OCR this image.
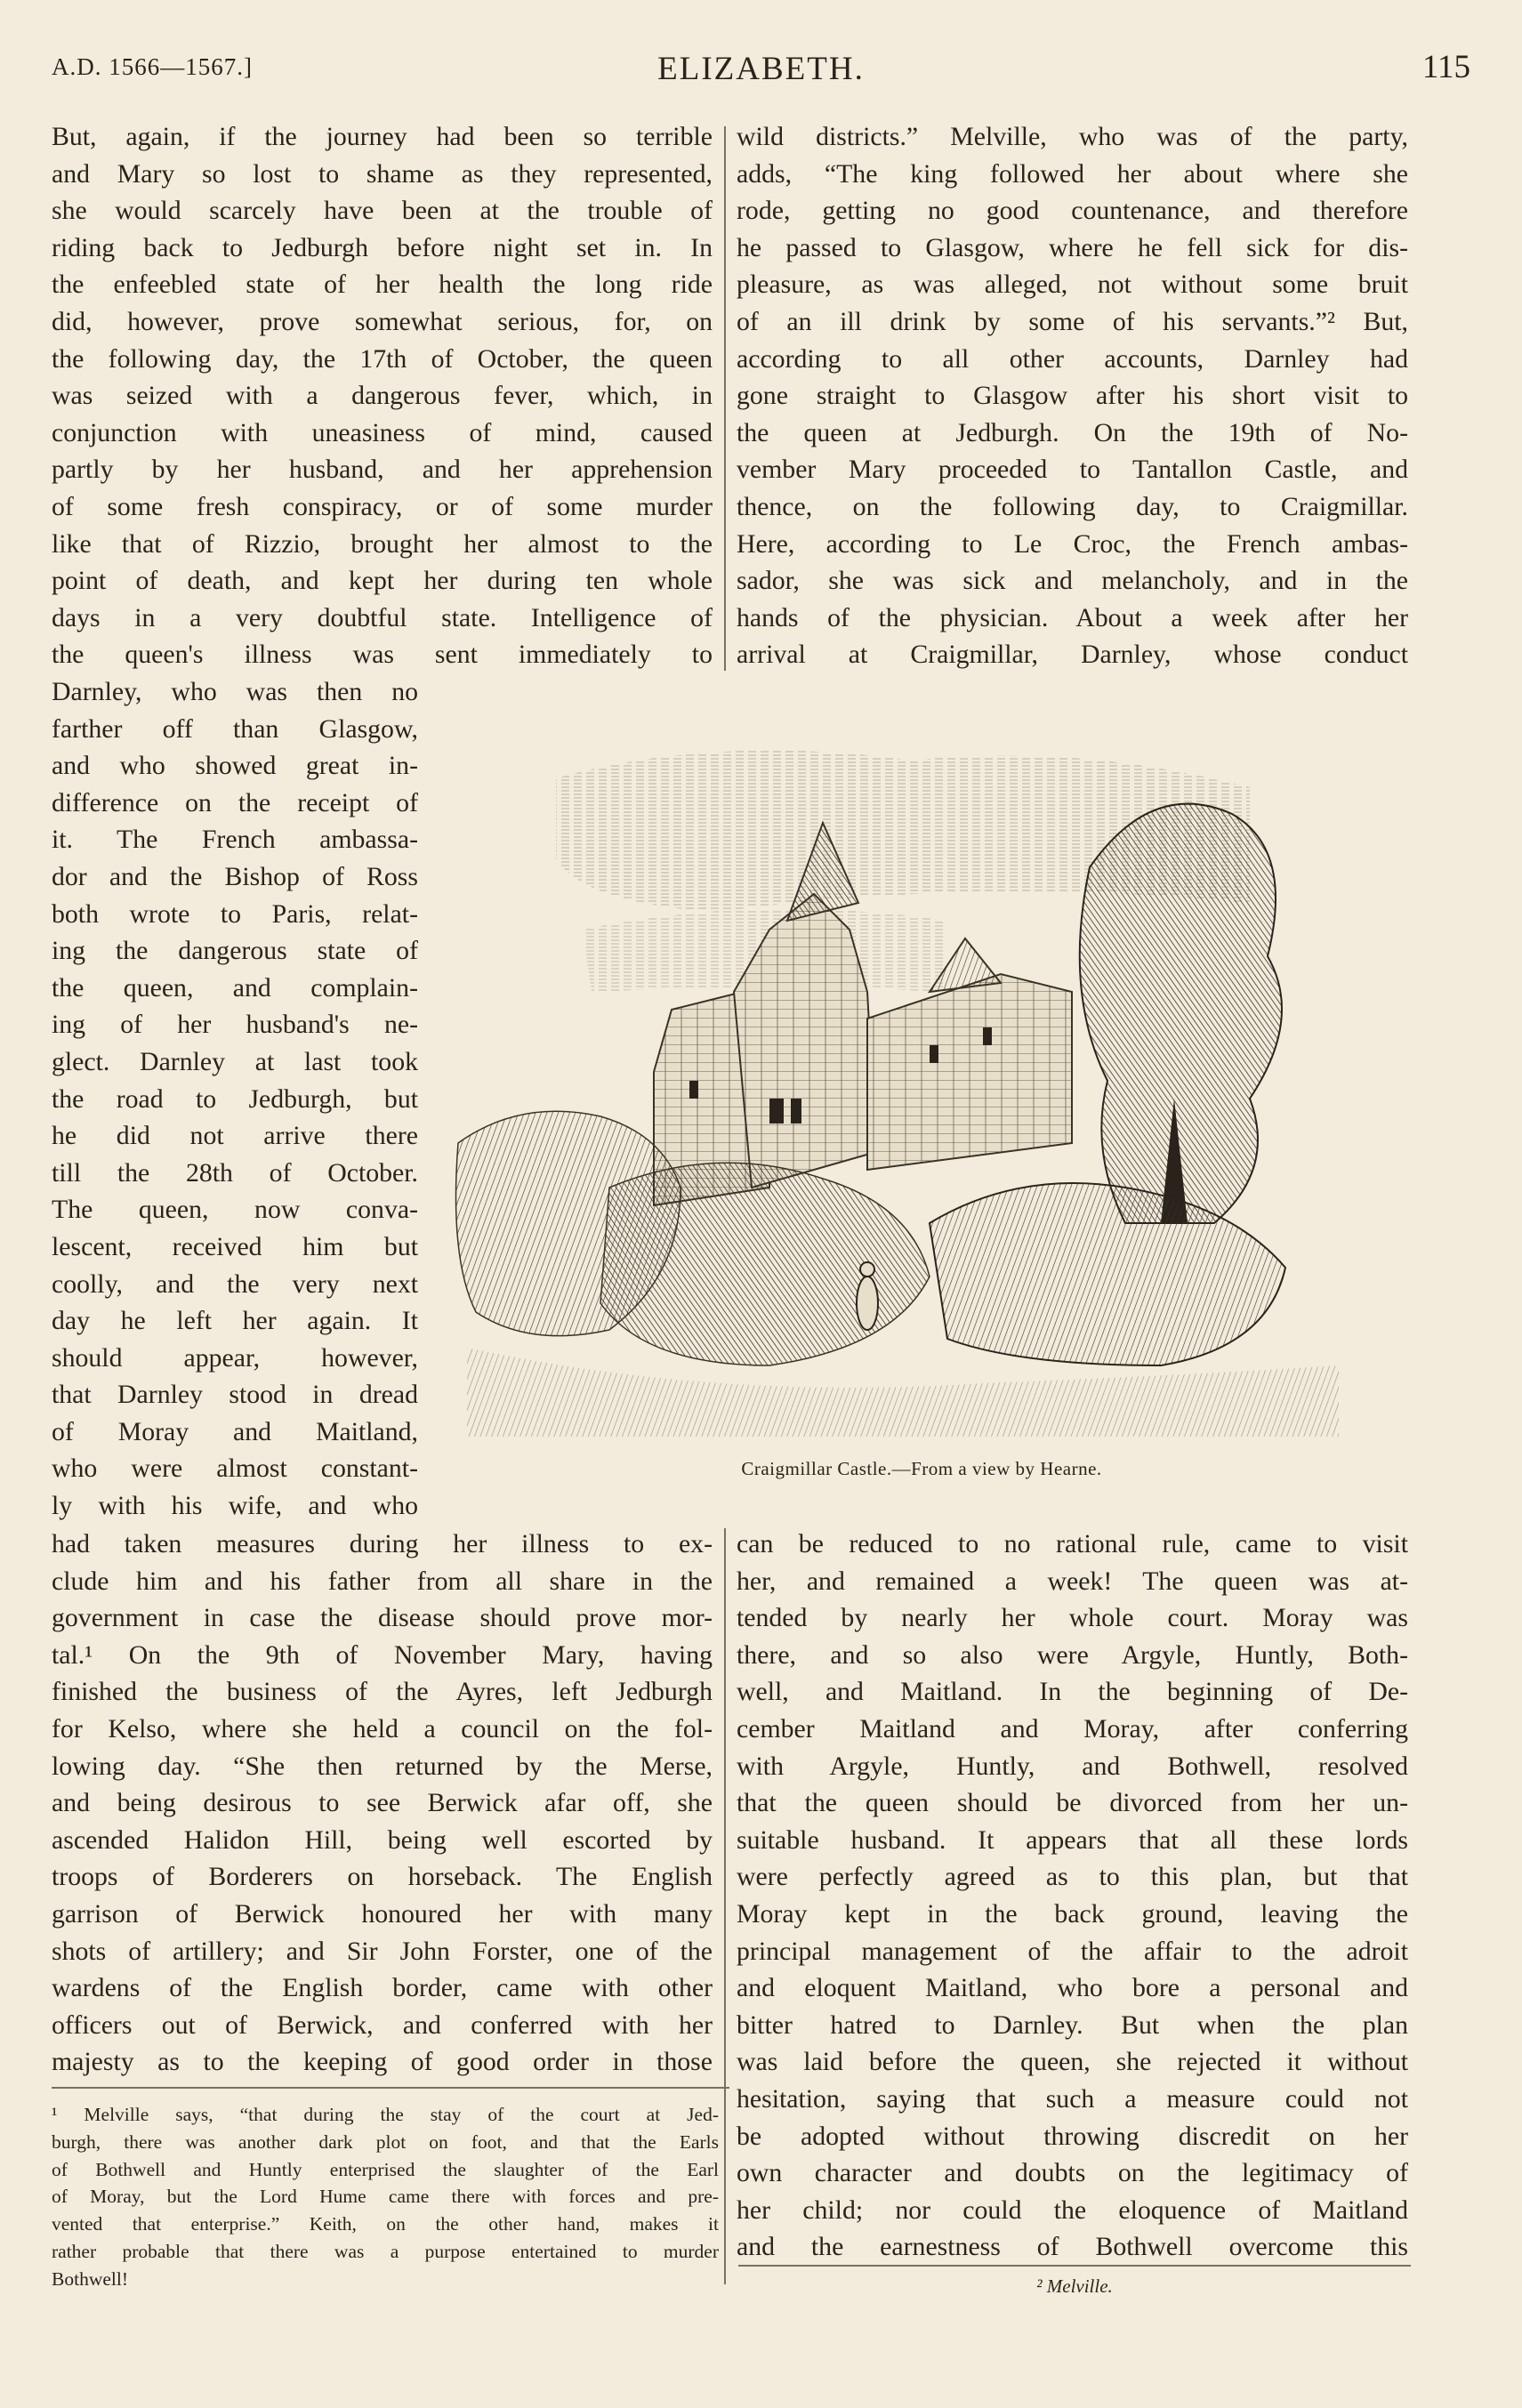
A.D. 1566—1567.]	ELIZABETH.	115
But, again, if the journey had been so terrible
and Mary so lost to shame as they represented,
she would scarcely have been at the trouble of
riding back to Jedburgh before night set in. In
the enfeebled state of her health the long ride
did, however, prove somewhat serious, for, on
the following day, the 17th of October, the queen
was seized with a dangerous fever, which, in
conjunction with uneasiness of mind, caused
partly by her husband, and her apprehension
of some fresh conspiracy, or of some murder
like that of Rizzio, brought her almost to the
point of death, and kept her during ten whole
days in a very doubtful state. Intelligence of
the queen's illness was sent immediately to
Darnley, who was then no
farther off than Glasgow,
and who showed great in-
difference on the receipt of
it. The French ambassa-
dor and the Bishop of Ross
both wrote to Paris, relat-
ing the dangerous state of
the queen, and complain-
ing of her husband's ne-
glect. Darnley at last took
the road to Jedburgh, but
he did not arrive there
till the 28th of October.
The queen, now conva-
lescent, received him but
coolly, and the very next
day he left her again. It
should appear, however,
that Darnley stood in dread
of Moray and Maitland,
who were almost constant-
ly with his wife, and who
had taken measures during her illness to ex-
clude him and his father from all share in the
government in case the disease should prove mor-
tal.¹ On the 9th of November Mary, having
finished the business of the Ayres, left Jedburgh
for Kelso, where she held a council on the fol-
lowing day. “She then returned by the Merse,
and being desirous to see Berwick afar off, she
ascended Halidon Hill, being well escorted by
troops of Borderers on horseback. The English
garrison of Berwick honoured her with many
shots of artillery; and Sir John Forster, one of the
wardens of the English border, came with other
officers out of Berwick, and conferred with her
majesty as to the keeping of good order in those
wild districts.” Melville, who was of the party,
adds, “The king followed her about where she
rode, getting no good countenance, and therefore
he passed to Glasgow, where he fell sick for dis-
pleasure, as was alleged, not without some bruit
of an ill drink by some of his servants.”² But,
according to all other accounts, Darnley had
gone straight to Glasgow after his short visit to
the queen at Jedburgh. On the 19th of No-
vember Mary proceeded to Tantallon Castle, and
thence, on the following day, to Craigmillar.
Here, according to Le Croc, the French ambas-
sador, she was sick and melancholy, and in the
hands of the physician. About a week after her
arrival at Craigmillar, Darnley, whose conduct
can be reduced to no rational rule, came to visit
her, and remained a week! The queen was at-
tended by nearly her whole court. Moray was
there, and so also were Argyle, Huntly, Both-
well, and Maitland. In the beginning of De-
cember Maitland and Moray, after conferring
with Argyle, Huntly, and Bothwell, resolved
that the queen should be divorced from her un-
suitable husband. It appears that all these lords
were perfectly agreed as to this plan, but that
Moray kept in the back ground, leaving the
principal management of the affair to the adroit
and eloquent Maitland, who bore a personal and
bitter hatred to Darnley. But when the plan
was laid before the queen, she rejected it without
hesitation, saying that such a measure could not
be adopted without throwing discredit on her
own character and doubts on the legitimacy of
her child; nor could the eloquence of Maitland
and the earnestness of Bothwell overcome this
Craigmillar Castle.—From a view by Hearne.
¹ Melville says, “that during the stay of the court at Jed-
burgh, there was another dark plot on foot, and that the Earls
of Bothwell and Huntly enterprised the slaughter of the Earl
of Moray, but the Lord Hume came there with forces and pre-
vented that enterprise.” Keith, on the other hand, makes it
rather probable that there was a purpose entertained to murder
Bothwell!	² Melville.
